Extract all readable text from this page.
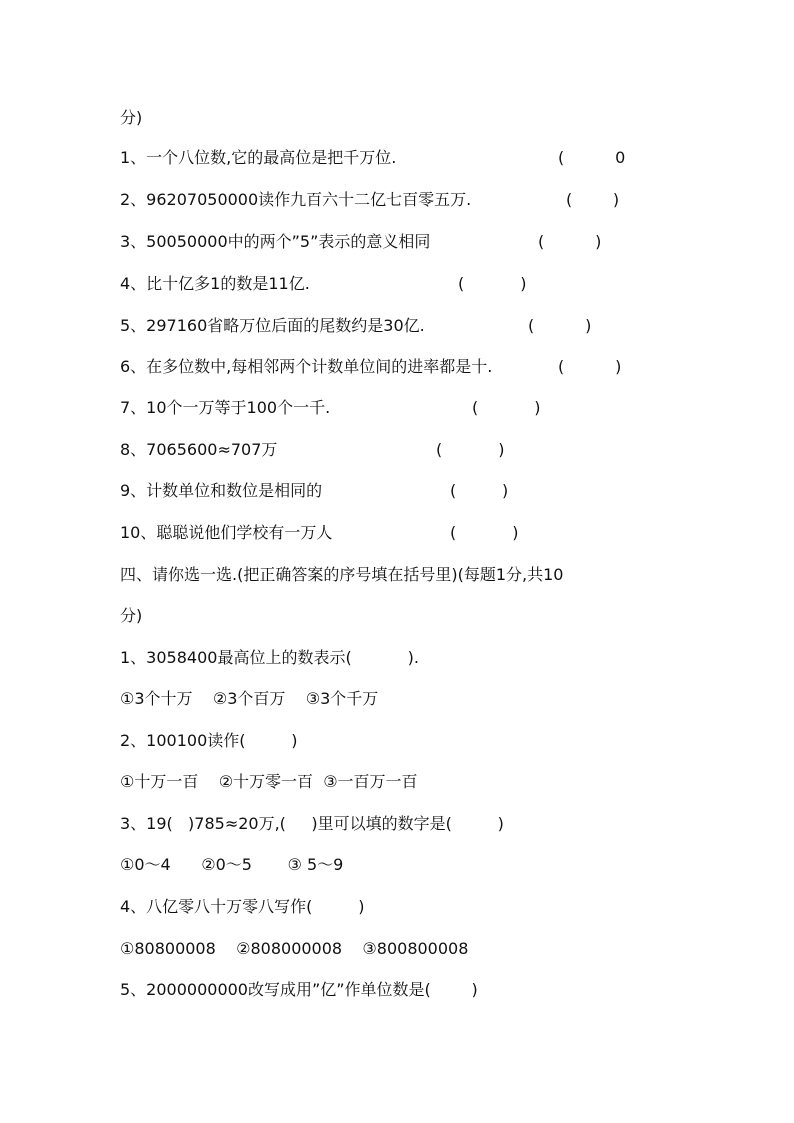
分)
1、一个八位数,它的最高位是把千万位.	(          0
2、96207050000读作九百六十二亿七百零五万.	(        )
3、50050000中的两个”5”表示的意义相同	(          )
4、比十亿多1的数是11亿.	(           )
5、297160省略万位后面的尾数约是30亿.	(          )
6、在多位数中,每相邻两个计数单位间的进率都是十.	(          )
7、10个一万等于100个一千.	(           )
8、7065600≈707万	(           )
9、计数单位和数位是相同的	(         )
10、聪聪说他们学校有一万人	(           )
四、请你选一选.(把正确答案的序号填在括号里)(每题1分,共10
分)
1、3058400最高位上的数表示(           ).
①3个十万    ②3个百万    ③3个千万
2、100100读作(         )
①十万一百    ②十万零一百  ③一百万一百
3、19(   )785≈20万,(     )里可以填的数字是(         )
①0～4      ②0～5       ③ 5～9
4、八亿零八十万零八写作(         )
①80800008    ②808000008    ③800800008
5、2000000000改写成用”亿”作单位数是(        )
